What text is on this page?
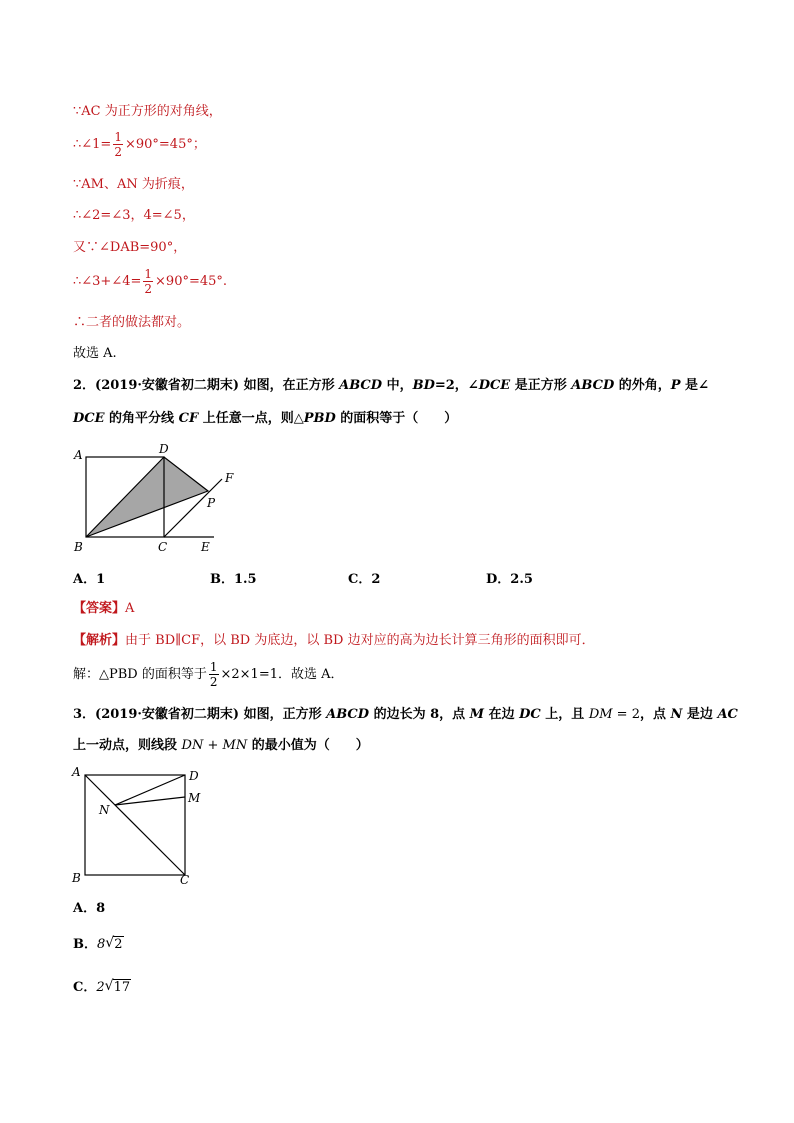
∵AC 为正方形的对角线，
∴∠1= $\frac{1}{2} \times 90^\circ=45^\circ$；
∵AM、AN 为折痕，
∴∠2=∠3，4=∠5，
又∵∠DAB=90°，
∴∠3+∠4= $\frac{1}{2} \times 90^\circ=45^\circ$.
∴二者的做法都对。
故选 A.
2．(2019·安徽省初二期末) 如图，在正方形 ABCD 中，BD=2，∠DCE 是正方形 ABCD 的外角，P 是∠
DCE 的角平分线 CF 上任意一点，则△PBD 的面积等于（　　）
A	D
F
P
B	C	E
A．1	B．1.5	C．2	D．2.5
【答案】A
【解析】由于 BD∥CF，以 BD 为底边，以 BD 边对应的高为边长计算三角形的面积即可．
解：△PBD 的面积等于 $\frac{1}{2} \times 2\times 1=1$．故选 A．
3．(2019·安徽省初二期末) 如图，正方形 ABCD 的边长为 8，点 M 在边 DC 上，且 DM = 2，点 N 是边 AC
上一动点，则线段 DN + MN 的最小值为（　　）
A	D
M
N
B	C
A．8
B．8 √ 2
C．2 √ 17
